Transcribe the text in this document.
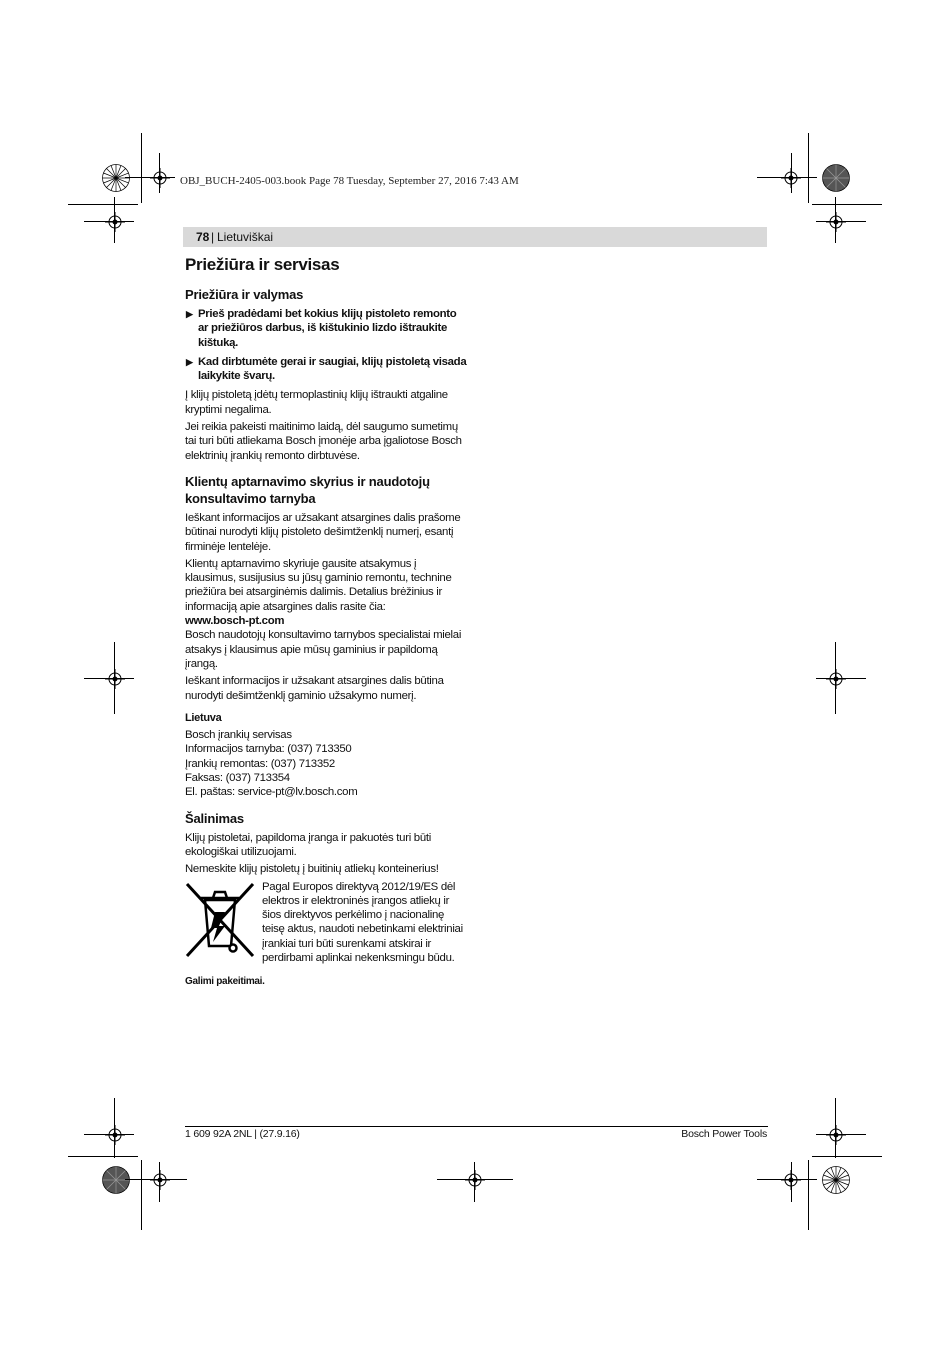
OBJ_BUCH-2405-003.book Page 78 Tuesday, September 27, 2016 7:43 AM
78 | Lietuviškai
Priežiūra ir servisas
Priežiūra ir valymas
▶ Prieš pradėdami bet kokius klijų pistoleto remonto ar priežiūros darbus, iš kištukinio lizdo ištraukite kištuką.
▶ Kad dirbtumėte gerai ir saugiai, klijų pistoletą visada laikykite švarų.
Į klijų pistoletą įdėtų termoplastinių klijų ištraukti atgaline kryptimi negalima.
Jei reikia pakeisti maitinimo laidą, dėl saugumo sumetimų tai turi būti atliekama Bosch įmonėje arba įgaliotose Bosch elektrinių įrankių remonto dirbtuvėse.
Klientų aptarnavimo skyrius ir naudotojų konsultavimo tarnyba
Ieškant informacijos ar užsakant atsargines dalis prašome būtinai nurodyti klijų pistoleto dešimtženklį numerį, esantį firminėje lentelėje.
Klientų aptarnavimo skyriuje gausite atsakymus į klausimus, susijusius su jūsų gaminio remontu, technine priežiūra bei atsarginėmis dalimis. Detalius brėžinius ir informaciją apie atsargines dalis rasite čia:
www.bosch-pt.com
Bosch naudotojų konsultavimo tarnybos specialistai mielai atsakys į klausimus apie mūsų gaminius ir papildomą įrangą.
Ieškant informacijos ir užsakant atsargines dalis būtina nurodyti dešimtženklį gaminio užsakymo numerį.
Lietuva
Bosch įrankių servisas
Informacijos tarnyba: (037) 713350
Įrankių remontas: (037) 713352
Faksas: (037) 713354
El. paštas: service-pt@lv.bosch.com
Šalinimas
Klijų pistoletai, papildoma įranga ir pakuotės turi būti ekologiškai utilizuojami.
Nemeskite klijų pistoletų į buitinių atliekų konteinerius!
Pagal Europos direktyvą 2012/19/ES dėl elektros ir elektroninės įrangos atliekų ir šios direktyvos perkėlimo į nacionalinę teisę aktus, naudoti nebetinkami elektriniai įrankiai turi būti surenkami atskirai ir perdirbami aplinkai nekenksmingu būdu.
Galimi pakeitimai.
1 609 92A 2NL | (27.9.16)	Bosch Power Tools
